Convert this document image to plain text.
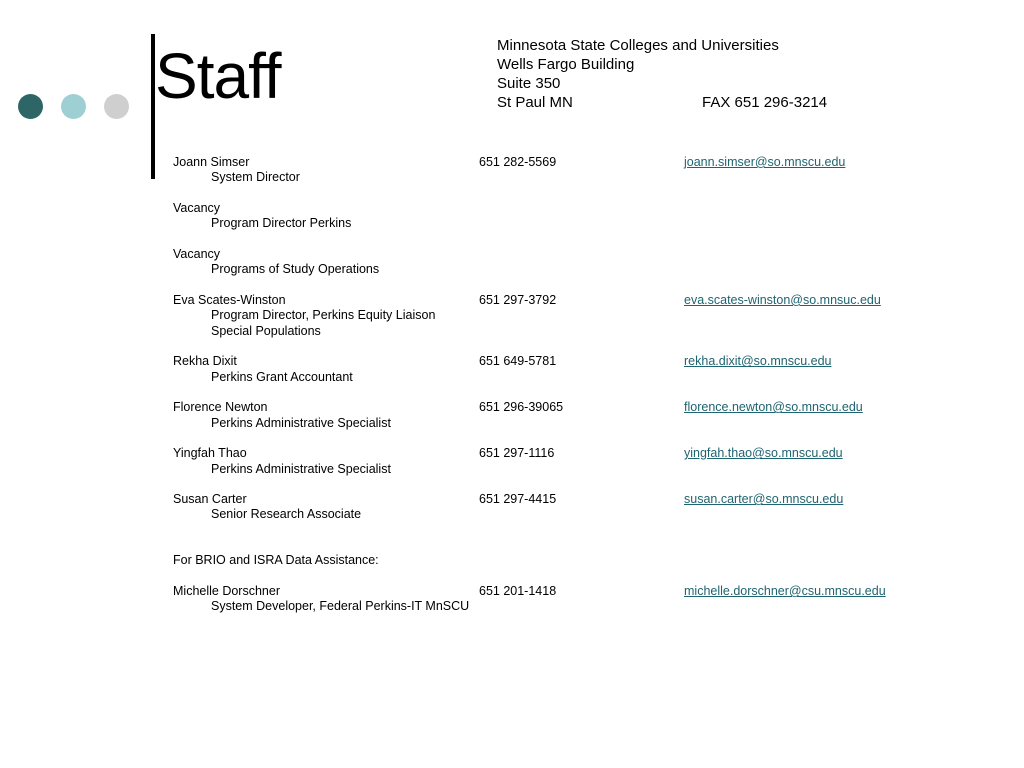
Staff	Minnesota State Colleges and Universities
Wells Fargo Building
Suite 350
St Paul MN	FAX 651 296-3214
Joann Simser	651 282-5569	joann.simser@so.mnscu.edu
System Director
Vacancy
Program Director Perkins
Vacancy
Programs of Study Operations
Eva Scates-Winston	651 297-3792	eva.scates-winston@so.mnsuc.edu
Program Director, Perkins Equity Liaison
Special Populations
Rekha Dixit	651 649-5781	rekha.dixit@so.mnscu.edu
Perkins Grant Accountant
Florence Newton	651 296-39065	florence.newton@so.mnscu.edu
Perkins Administrative Specialist
Yingfah Thao	651 297-1116	yingfah.thao@so.mnscu.edu
Perkins Administrative Specialist
Susan Carter	651 297-4415	susan.carter@so.mnscu.edu
Senior Research Associate
For BRIO and ISRA Data Assistance:
Michelle Dorschner	651 201-1418	michelle.dorschner@csu.mnscu.edu
System Developer, Federal Perkins-IT MnSCU
